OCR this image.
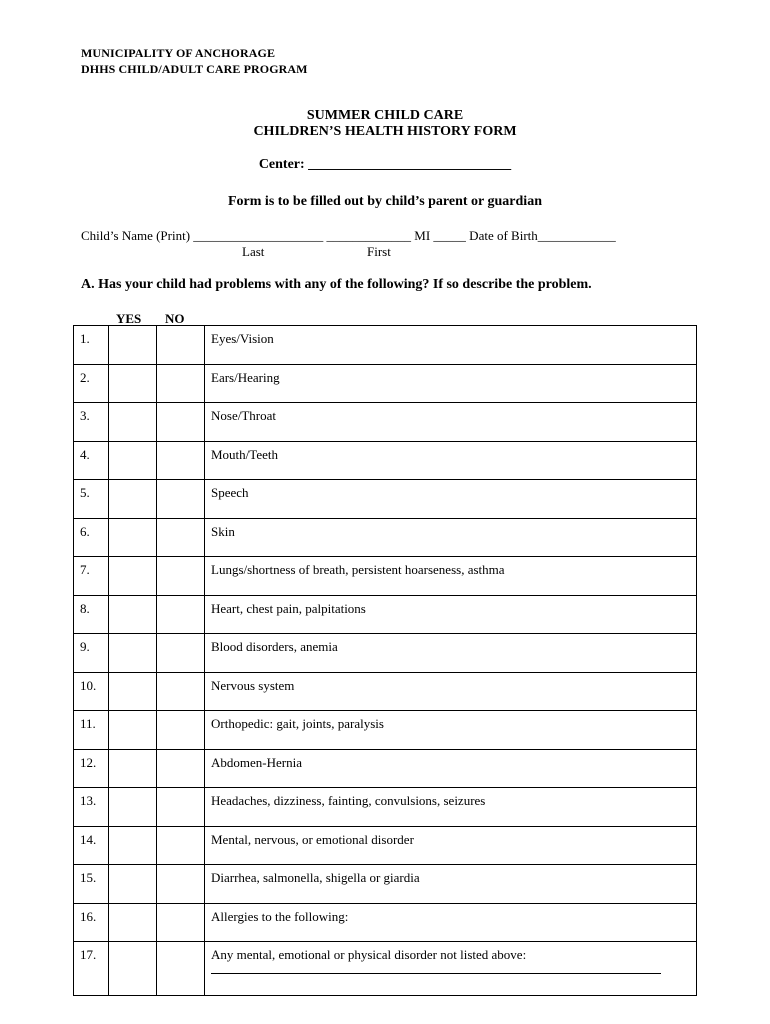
MUNICIPALITY OF ANCHORAGE
DHHS CHILD/ADULT CARE PROGRAM
SUMMER CHILD CARE
CHILDREN’S HEALTH HISTORY FORM
Center: _____________________________
Form is to be filled out by child’s parent or guardian
Child’s Name (Print) ____________________ _____________ MI _____ Date of Birth____________
Last	First
A. Has your child had problems with any of the following? If so describe the problem.
YES NO
1.			Eyes/Vision
2.			Ears/Hearing
3.			Nose/Throat
4.			Mouth/Teeth
5.			Speech
6.			Skin
7.			Lungs/shortness of breath, persistent hoarseness, asthma
8.			Heart, chest pain, palpitations
9.			Blood disorders, anemia
10.			Nervous system
11.			Orthopedic: gait, joints, paralysis
12.			Abdomen-Hernia
13.			Headaches, dizziness, fainting, convulsions, seizures
14.			Mental, nervous, or emotional disorder
15.			Diarrhea, salmonella, shigella or giardia
16.			Allergies to the following:
17.			Any mental, emotional or physical disorder not listed above:
